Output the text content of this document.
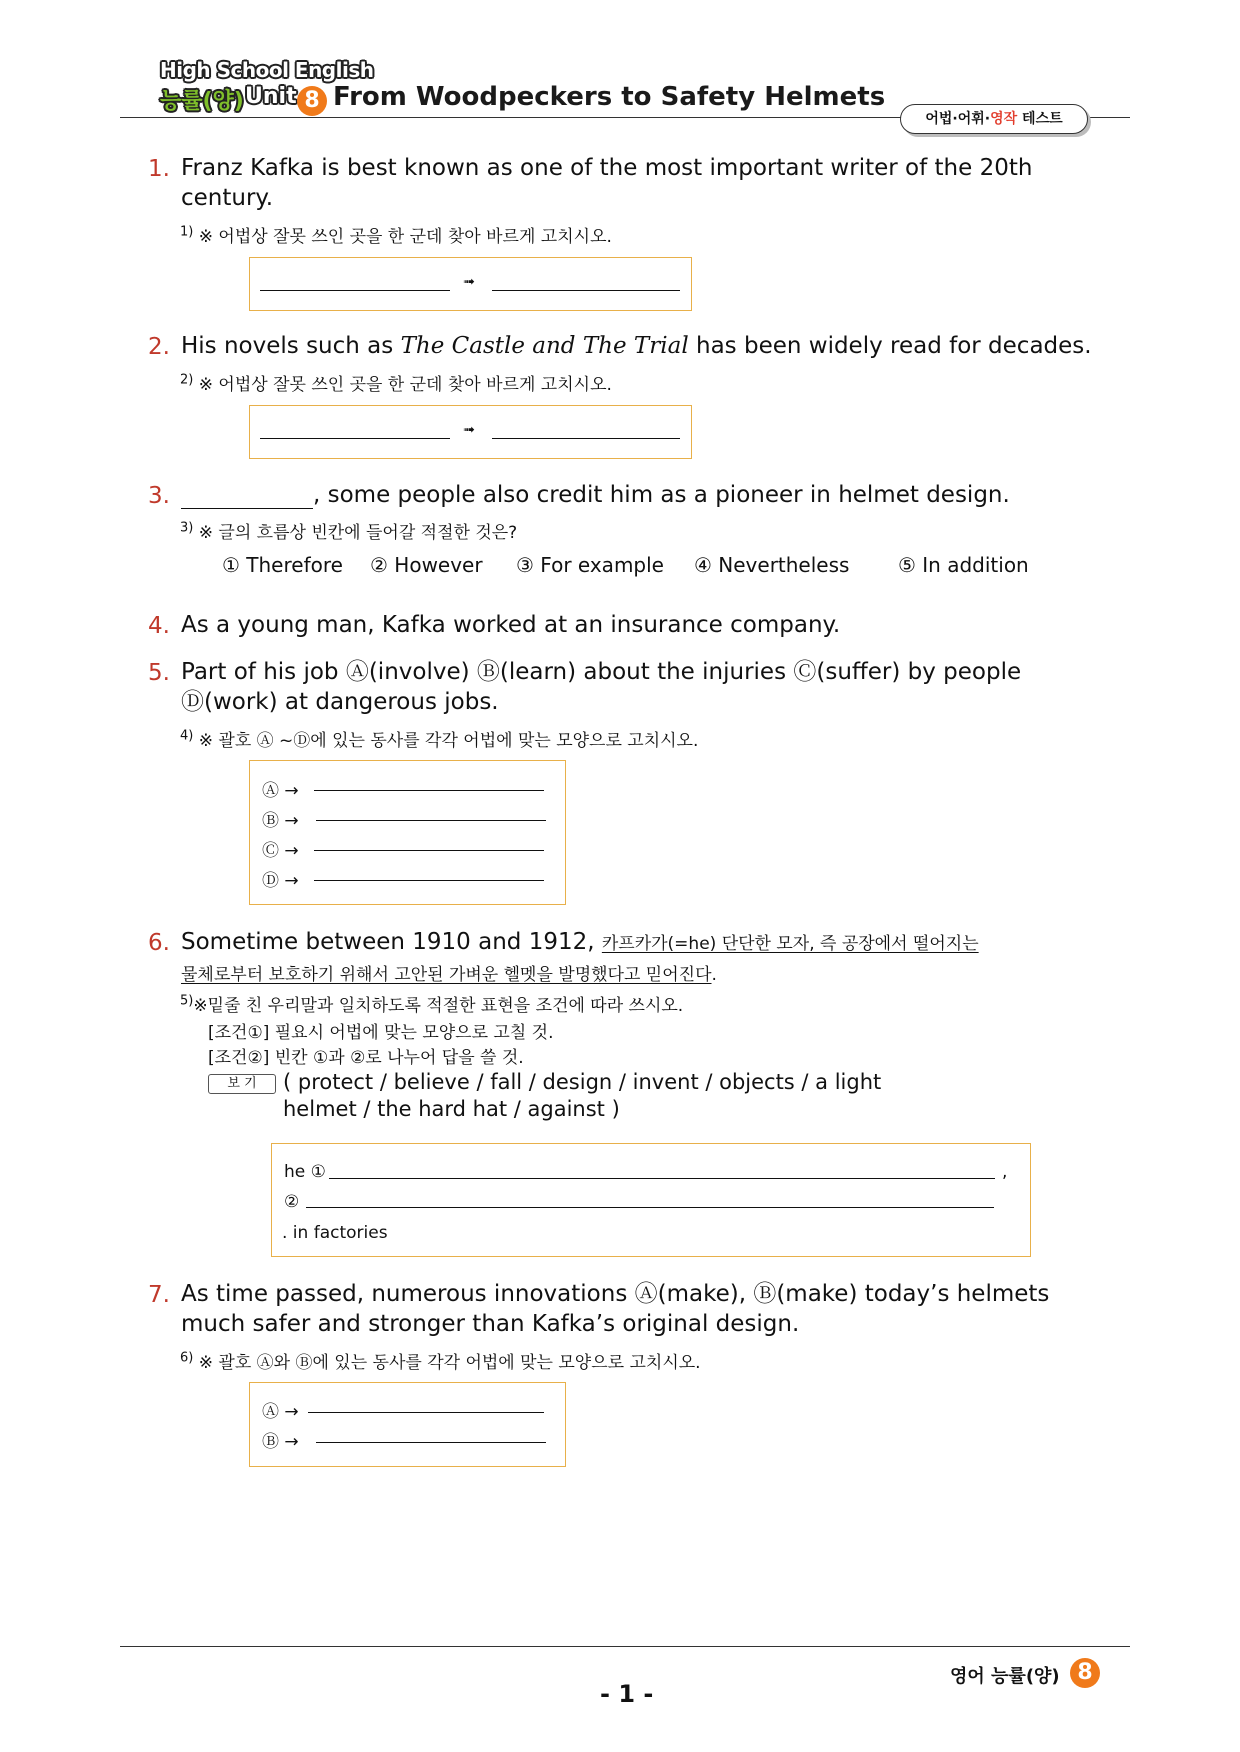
High School English
능률(양) Unit 8 From Woodpeckers to Safety Helmets
어법·어휘·영작 테스트
1. Franz Kafka is best known as one of the most important writer of the 20th
century.
$^{1)}$ ※ 어법상 잘못 쓰인 곳을 한 군데 찾아 바르게 고치시오.
➟
2. His novels such as The Castle and The Trial has been widely read for decades.
$^{2)}$ ※ 어법상 잘못 쓰인 곳을 한 군데 찾아 바르게 고치시오.
➟
3.	, some people also credit him as a pioneer in helmet design.
$^{3)}$ ※ 글의 흐름상 빈칸에 들어갈 적절한 것은?
① Therefore ② However ③ For example ④ Nevertheless ⑤ In addition
4. As a young man, Kafka worked at an insurance company.
5. Part of his job Ⓐ(involve) Ⓑ(learn) about the injuries Ⓒ(suffer) by people
Ⓓ(work) at dangerous jobs.
$^{4)}$ ※ 괄호 Ⓐ ~Ⓓ에 있는 동사를 각각 어법에 맞는 모양으로 고치시오.
Ⓐ →
Ⓑ →
Ⓒ →
Ⓓ →
6. Sometime between 1910 and 1912, 카프카가(=he) 단단한 모자, 즉 공장에서 떨어지는
물체로부터 보호하기 위해서 고안된 가벼운 헬멧을 발명했다고 믿어진다.
$^{5)}$※밑줄 친 우리말과 일치하도록 적절한 표현을 조건에 따라 쓰시오.
[조건①] 필요시 어법에 맞는 모양으로 고칠 것.
[조건②] 빈칸 ①과 ②로 나누어 답을 쓸 것.
보 기	( protect / believe / fall / design / invent / objects / a light
helmet / the hard hat / against )
he ①	,
②
. in factories
7. As time passed, numerous innovations Ⓐ(make), Ⓑ(make) today’s helmets
much safer and stronger than Kafka’s original design.
$^{6)}$ ※ 괄호 Ⓐ와 Ⓑ에 있는 동사를 각각 어법에 맞는 모양으로 고치시오.
Ⓐ →
Ⓑ →
영어 능률(양) 8
- 1 -
